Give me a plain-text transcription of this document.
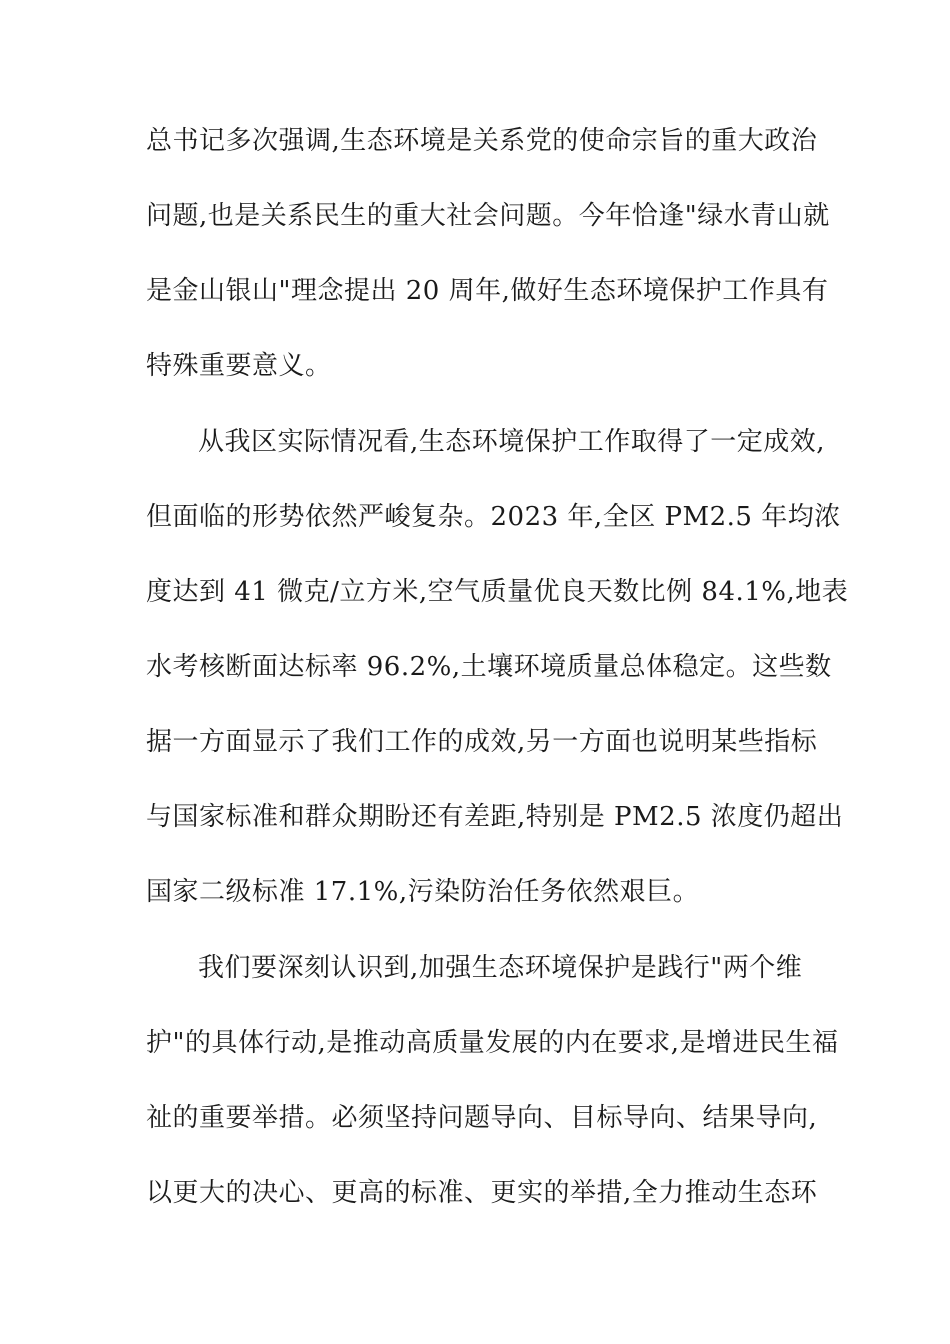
总书记多次强调,生态环境是关系党的使命宗旨的重大政治
问题,也是关系民生的重大社会问题。今年恰逢"绿水青山就
是金山银山"理念提出 20 周年,做好生态环境保护工作具有
特殊重要意义。
从我区实际情况看,生态环境保护工作取得了一定成效,
但面临的形势依然严峻复杂。2023 年,全区 PM2.5 年均浓
度达到 41 微克/立方米,空气质量优良天数比例 84.1%,地表
水考核断面达标率 96.2%,土壤环境质量总体稳定。这些数
据一方面显示了我们工作的成效,另一方面也说明某些指标
与国家标准和群众期盼还有差距,特别是 PM2.5 浓度仍超出
国家二级标准 17.1%,污染防治任务依然艰巨。
我们要深刻认识到,加强生态环境保护是践行"两个维
护"的具体行动,是推动高质量发展的内在要求,是增进民生福
祉的重要举措。必须坚持问题导向、目标导向、结果导向,
以更大的决心、更高的标准、更实的举措,全力推动生态环
